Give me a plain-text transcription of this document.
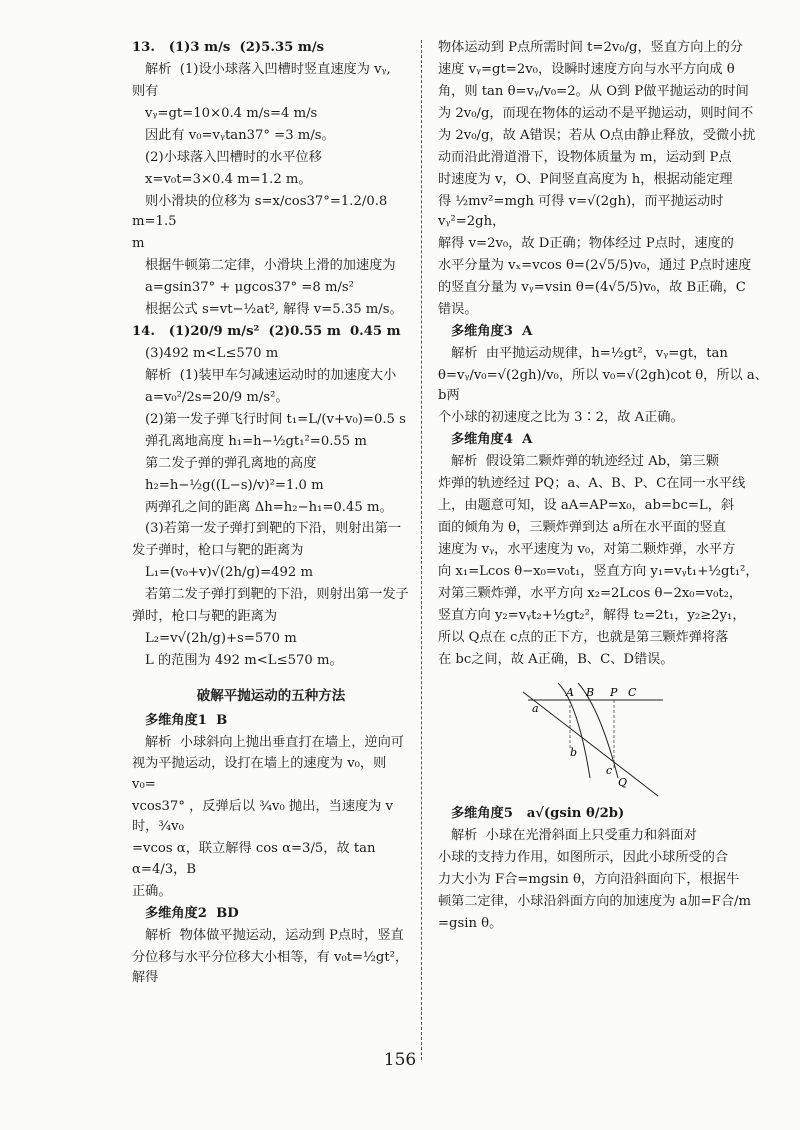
13.   (1)3 m/s  (2)5.35 m/s
解析  (1)设小球落入凹槽时竖直速度为 vᵧ,
则有
vᵧ=gt=10×0.4 m/s=4 m/s
因此有 v₀=vᵧtan37° =3 m/s。
(2)小球落入凹槽时的水平位移
x=v₀t=3×0.4 m=1.2 m。
则小滑块的位移为 s=x/cos37°=1.2/0.8 m=1.5
m
根据牛顿第二定律，小滑块上滑的加速度为
a=gsin37° + μgcos37° =8 m/s²
根据公式 s=vt−½at², 解得 v=5.35 m/s。
14.   (1)20/9 m/s²  (2)0.55 m  0.45 m
(3)492 m<L≤570 m
解析  (1)装甲车匀减速运动时的加速度大小
a=v₀²/2s=20/9 m/s²。
(2)第一发子弹飞行时间 t₁=L/(v+v₀)=0.5 s
弹孔离地高度 h₁=h−½gt₁²=0.55 m
第二发子弹的弹孔离地的高度
h₂=h−½g((L−s)/v)²=1.0 m
两弹孔之间的距离 Δh=h₂−h₁=0.45 m。
(3)若第一发子弹打到靶的下沿，则射出第一
发子弹时，枪口与靶的距离为
L₁=(v₀+v)√(2h/g)=492 m
若第二发子弹打到靶的下沿，则射出第一发子
弹时，枪口与靶的距离为
L₂=v√(2h/g)+s=570 m
L 的范围为 492 m<L≤570 m。
破解平抛运动的五种方法
多维角度1  B
解析  小球斜向上抛出垂直打在墙上，逆向可
视为平抛运动，设打在墙上的速度为 v₀，则 v₀=
vcos37° ，反弹后以 ¾v₀ 抛出，当速度为 v 时，¾v₀
=vcos α，联立解得 cos α=3/5，故 tan α=4/3，B
正确。
多维角度2  BD
解析  物体做平抛运动，运动到 P点时，竖直
分位移与水平分位移大小相等，有 v₀t=½gt²，解得
物体运动到 P点所需时间 t=2v₀/g，竖直方向上的分
速度 vᵧ=gt=2v₀，设瞬时速度方向与水平方向成 θ
角，则 tan θ=vᵧ/v₀=2。从 O到 P做平抛运动的时间
为 2v₀/g，而现在物体的运动不是平抛运动，则时间不
为 2v₀/g，故 A错误；若从 O点由静止释放，受微小扰
动而沿此滑道滑下，设物体质量为 m，运动到 P点
时速度为 v，O、P间竖直高度为 h，根据动能定理
得 ½mv²=mgh 可得 v=√(2gh)，而平抛运动时 vᵧ²=2gh，
解得 v=2v₀，故 D正确；物体经过 P点时，速度的
水平分量为 vₓ=vcos θ=(2√5/5)v₀，通过 P点时速度
的竖直分量为 vᵧ=vsin θ=(4√5/5)v₀，故 B正确，C
错误。
多维角度3  A
解析  由平抛运动规律，h=½gt²，vᵧ=gt，tan
θ=vᵧ/v₀=√(2gh)/v₀，所以 v₀=√(2gh)cot θ，所以 a、b两
个小球的初速度之比为 3∶2，故 A正确。
多维角度4  A
解析  假设第二颗炸弹的轨迹经过 Ab，第三颗
炸弹的轨迹经过 PQ；a、A、B、P、C在同一水平线
上，由题意可知，设 aA=AP=x₀，ab=bc=L，斜
面的倾角为 θ，三颗炸弹到达 a所在水平面的竖直
速度为 vᵧ，水平速度为 v₀，对第二颗炸弹，水平方
向 x₁=Lcos θ−x₀=v₀t₁，竖直方向 y₁=vᵧt₁+½gt₁²，
对第三颗炸弹，水平方向 x₂=2Lcos θ−2x₀=v₀t₂，
竖直方向 y₂=vᵧt₂+½gt₂²，解得 t₂=2t₁，y₂≥2y₁，
所以 Q点在 c点的正下方，也就是第三颗炸弹将落
在 bc之间，故 A正确，B、C、D错误。
A B P C
a
b
c
Q
多维角度5   a√(gsin θ/2b)
解析  小球在光滑斜面上只受重力和斜面对
小球的支持力作用，如图所示，因此小球所受的合
力大小为 F合=mgsin θ，方向沿斜面向下，根据牛
顿第二定律，小球沿斜面方向的加速度为 a加=F合/m
=gsin θ。
156
